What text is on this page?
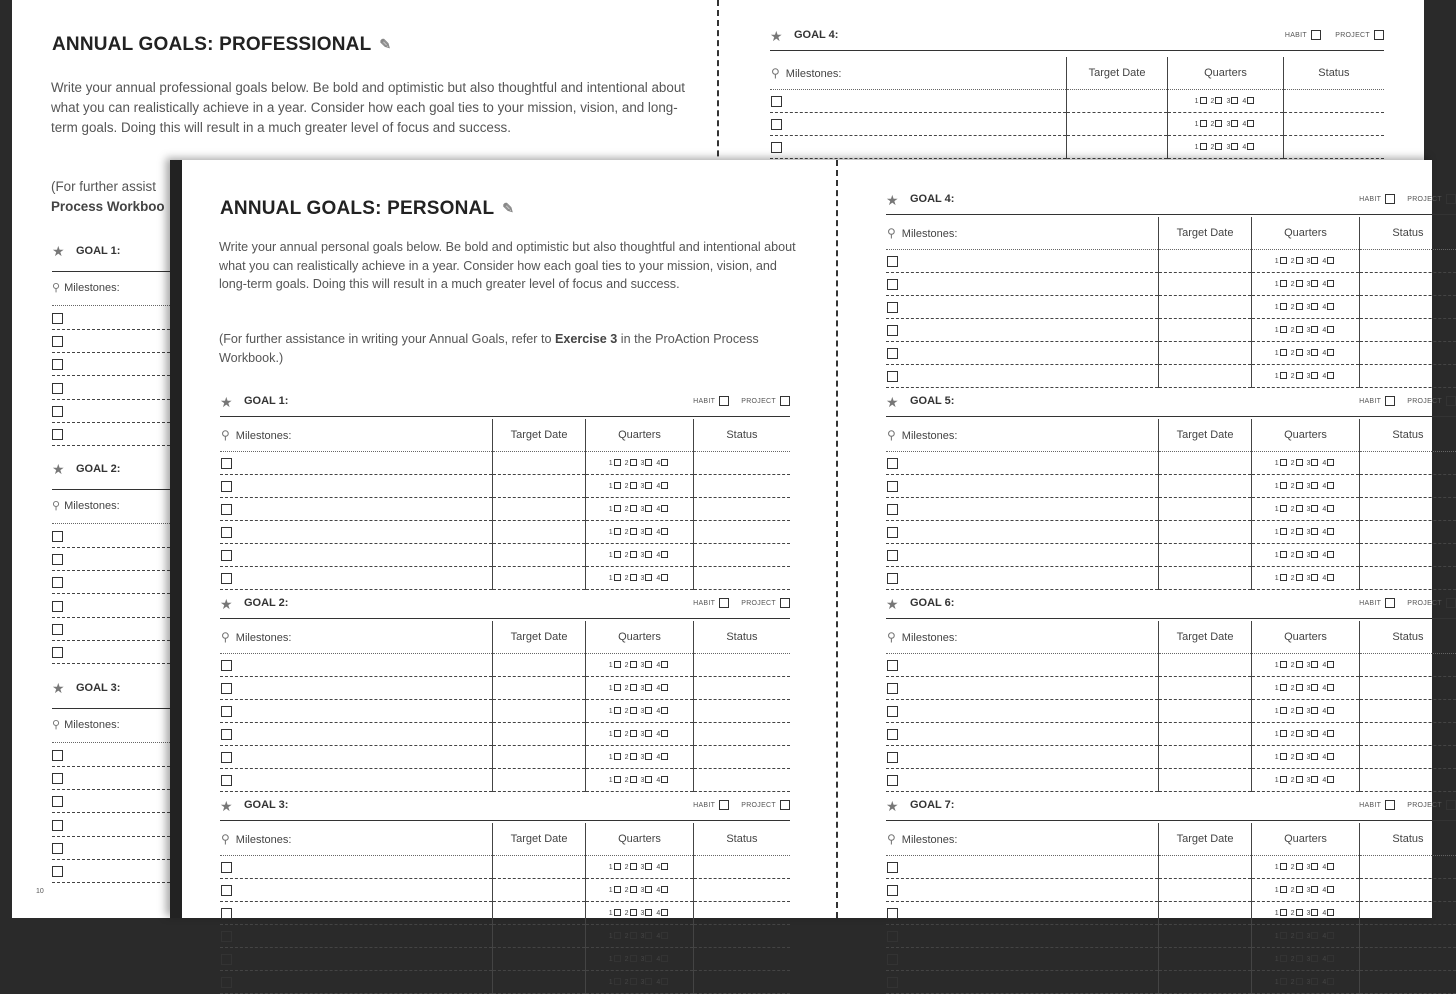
ANNUAL GOALS: PROFESSIONAL ✎
Write your annual professional goals below. Be bold and optimistic but also thoughtful and intentional about what you can realistically achieve in a year. Consider how each goal ties to your mission, vision, and long-term goals. Doing this will result in a much greater level of focus and success.
(For further assist
Process Workboo
★ GOAL 1:
⚲ Milestones:
★ GOAL 2:
⚲ Milestones:
★ GOAL 3:
⚲ Milestones:
★ GOAL 4:	HABIT	PROJECT
⚲ Milestones:	Target Date	Quarters	Status
		1 2 3 4	
		1 2 3 4	
		1 2 3 4	
10
ANNUAL GOALS: PERSONAL ✎
Write your annual personal goals below. Be bold and optimistic but also thoughtful and intentional about what you can realistically achieve in a year. Consider how each goal ties to your mission, vision, and long-term goals. Doing this will result in a much greater level of focus and success.
(For further assistance in writing your Annual Goals, refer to Exercise 3 in the ProAction Process Workbook.)
★ GOAL 1:	HABIT	PROJECT
⚲ Milestones:	Target Date	Quarters	Status
		1 2 3 4	
		1 2 3 4	
		1 2 3 4	
		1 2 3 4	
		1 2 3 4	
		1 2 3 4	
★ GOAL 2:	HABIT	PROJECT
⚲ Milestones:	Target Date	Quarters	Status
		1 2 3 4	
		1 2 3 4	
		1 2 3 4	
		1 2 3 4	
		1 2 3 4	
		1 2 3 4	
★ GOAL 3:	HABIT	PROJECT
⚲ Milestones:	Target Date	Quarters	Status
		1 2 3 4	
		1 2 3 4	
		1 2 3 4	
		1 2 3 4	
		1 2 3 4	
		1 2 3 4	
★ GOAL 4:	HABIT	PROJECT
⚲ Milestones:	Target Date	Quarters	Status
		1 2 3 4	
		1 2 3 4	
		1 2 3 4	
		1 2 3 4	
		1 2 3 4	
		1 2 3 4	
★ GOAL 5:	HABIT	PROJECT
⚲ Milestones:	Target Date	Quarters	Status
		1 2 3 4	
		1 2 3 4	
		1 2 3 4	
		1 2 3 4	
		1 2 3 4	
		1 2 3 4	
★ GOAL 6:	HABIT	PROJECT
⚲ Milestones:	Target Date	Quarters	Status
		1 2 3 4	
		1 2 3 4	
		1 2 3 4	
		1 2 3 4	
		1 2 3 4	
		1 2 3 4	
★ GOAL 7:	HABIT	PROJECT
⚲ Milestones:	Target Date	Quarters	Status
		1 2 3 4	
		1 2 3 4	
		1 2 3 4	
		1 2 3 4	
		1 2 3 4	
		1 2 3 4	
